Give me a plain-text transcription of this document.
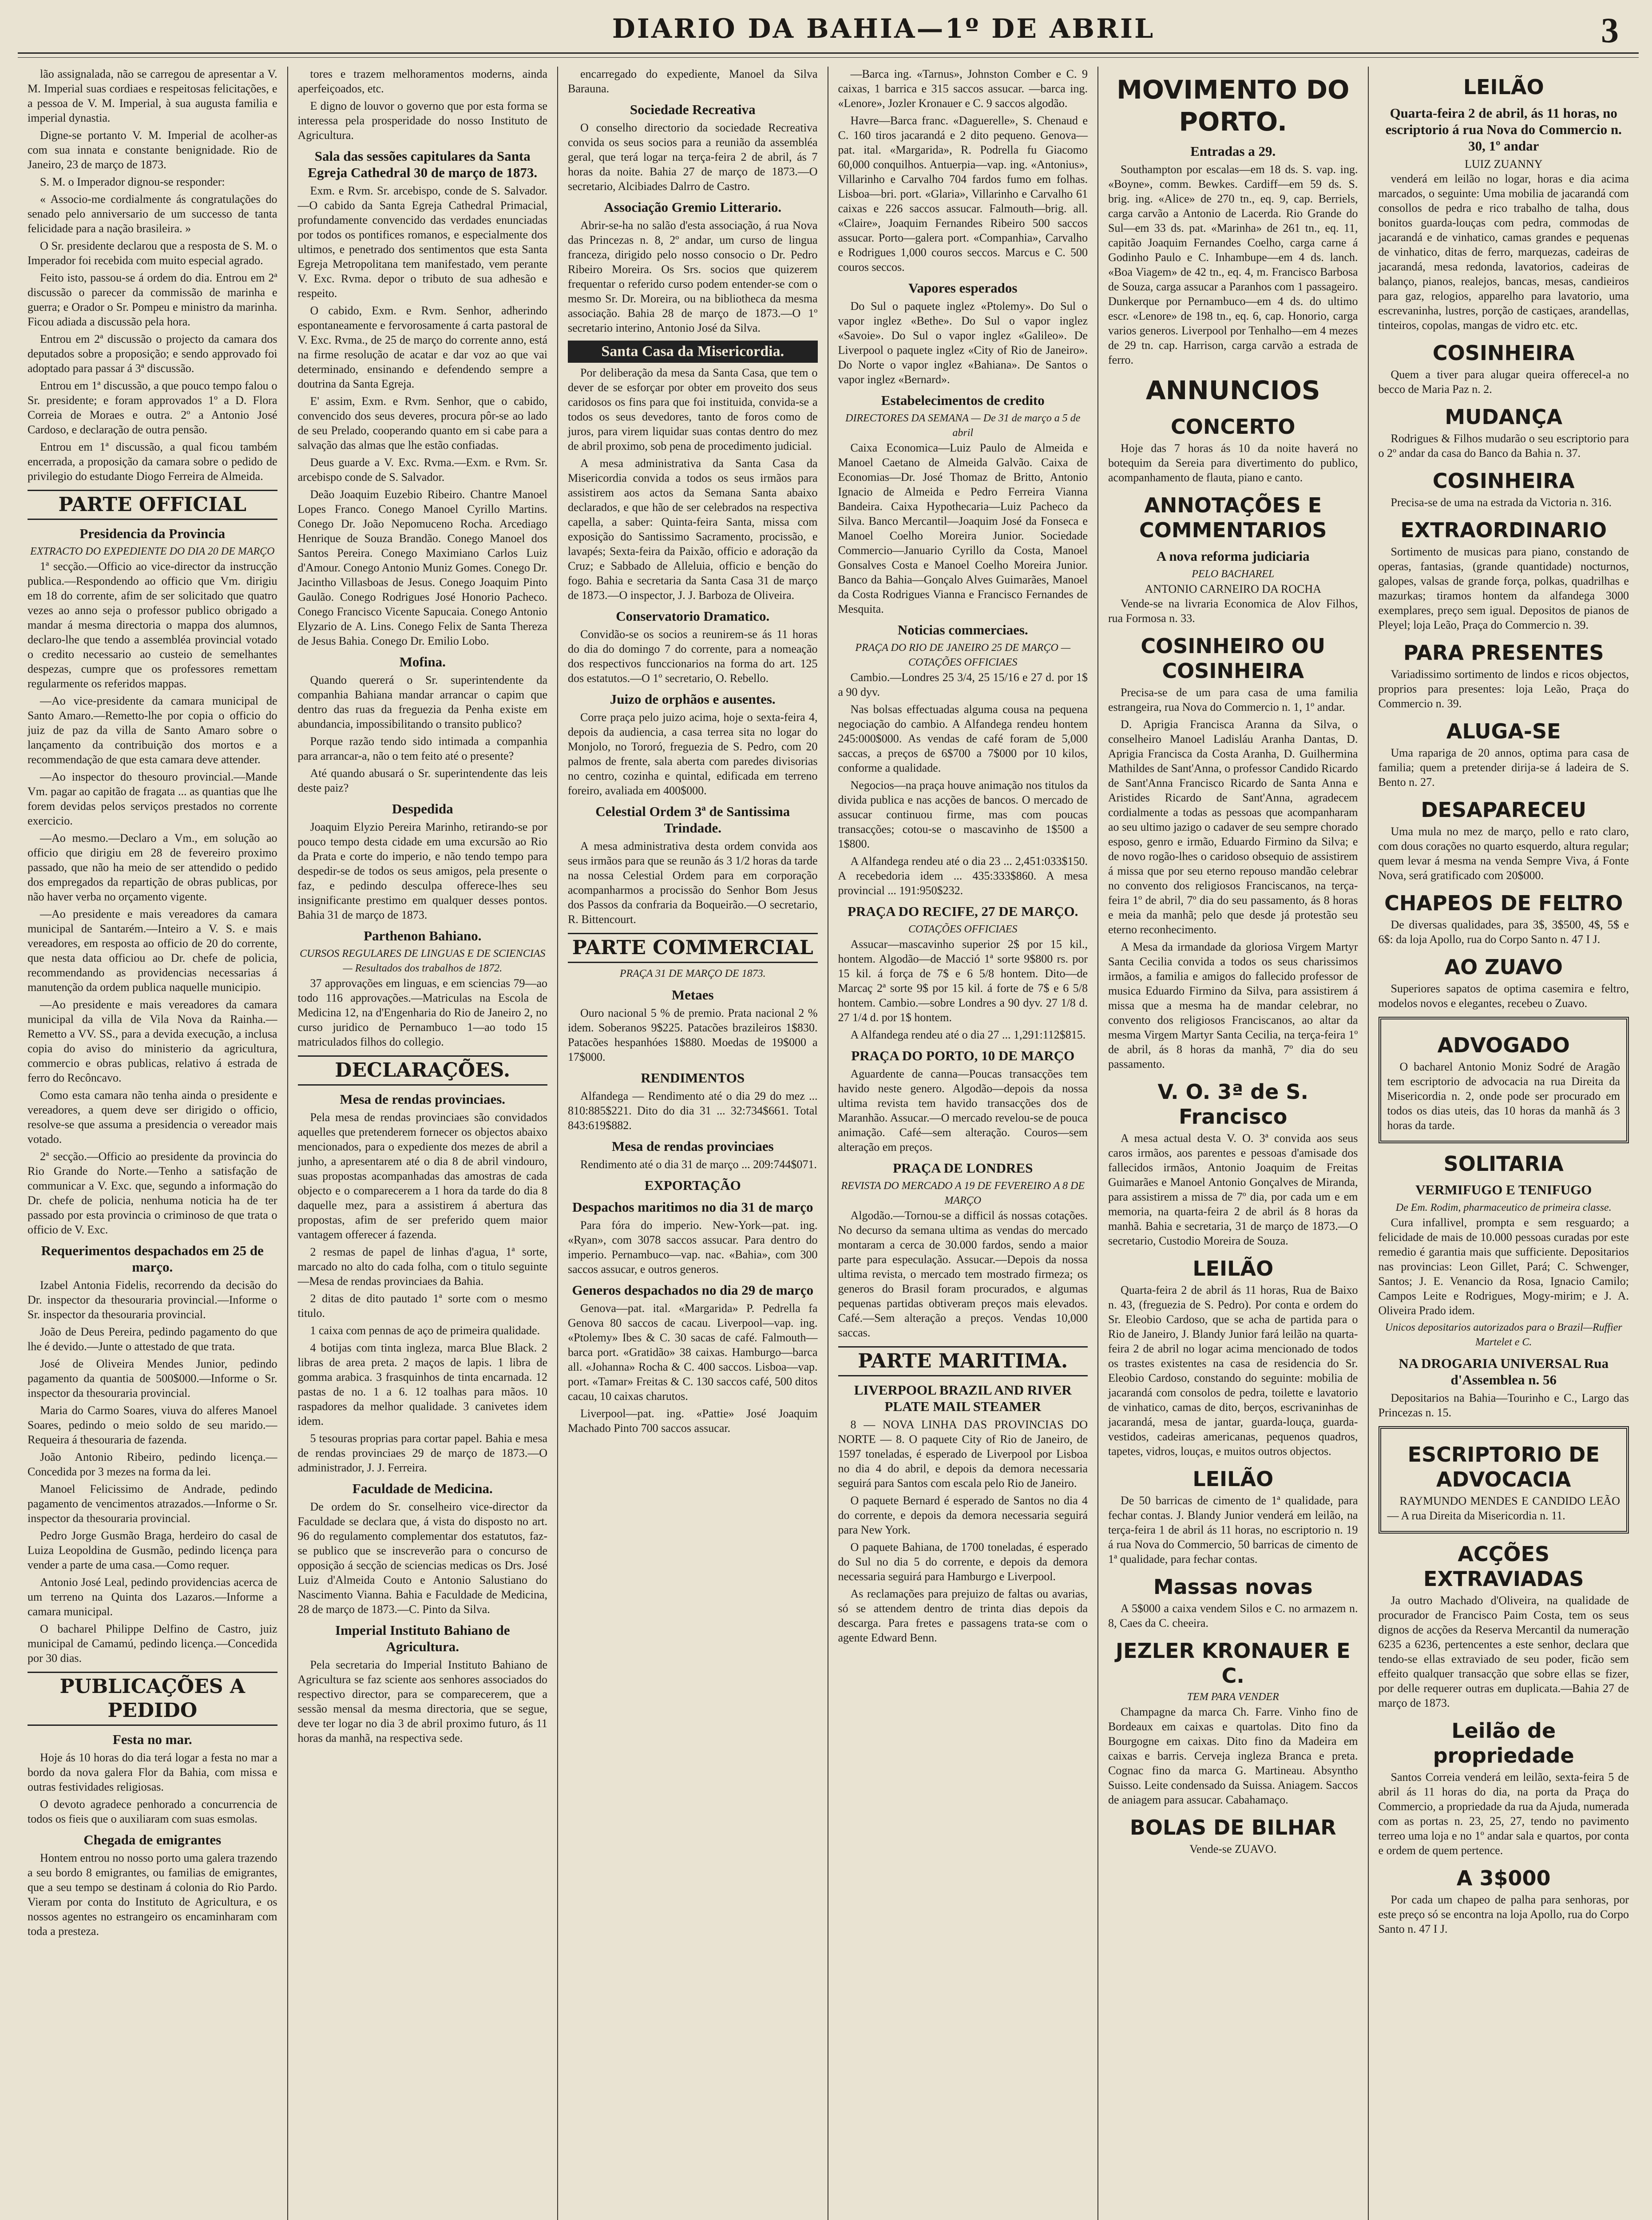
DIARIO DA BAHIA—1º DE ABRIL	3
lão assignalada, não se carregou de apresentar a V. M. Imperial suas cordiaes e respeitosas felicitações, e a pessoa de V. M. Imperial, à sua augusta familia e imperial dynastia.
Digne-se portanto V. M. Imperial de acolher-as com sua innata e constante benignidade. Rio de Janeiro, 23 de março de 1873.
S. M. o Imperador dignou-se responder:
« Associo-me cordialmente ás congratulações do senado pelo anniversario de um successo de tanta felicidade para a nação brasileira. »
O Sr. presidente declarou que a resposta de S. M. o Imperador foi recebida com muito especial agrado.
Feito isto, passou-se á ordem do dia. Entrou em 2ª discussão o parecer da commissão de marinha e guerra; e Orador o Sr. Pompeu e ministro da marinha. Ficou adiada a discussão pela hora.
Entrou em 2ª discussão o projecto da camara dos deputados sobre a proposição; e sendo approvado foi adoptado para passar á 3ª discussão.
Entrou em 1ª discussão, a que pouco tempo falou o Sr. presidente; e foram approvados 1º a D. Flora Correia de Moraes e outra. 2º a Antonio José Cardoso, e declaração de outra pensão.
Entrou em 1ª discussão, a qual ficou também encerrada, a proposição da camara sobre o pedido de privilegio do estudante Diogo Ferreira de Almeida.
PARTE OFFICIAL
Presidencia da Provincia
EXTRACTO DO EXPEDIENTE DO DIA 20 DE MARÇO
1ª secção.—Officio ao vice-director da instrucção publica.—Respondendo ao officio que Vm. dirigiu em 18 do corrente, afim de ser solicitado que quatro vezes ao anno seja o professor publico obrigado a mandar á mesma directoria o mappa dos alumnos, declaro-lhe que tendo a assembléa provincial votado o credito necessario ao custeio de semelhantes despezas, cumpre que os professores remettam regularmente os referidos mappas.
—Ao vice-presidente da camara municipal de Santo Amaro.—Remetto-lhe por copia o officio do juiz de paz da villa de Santo Amaro sobre o lançamento da contribuição dos mortos e a recommendação de que esta camara deve attender.
—Ao inspector do thesouro provincial.—Mande Vm. pagar ao capitão de fragata ... as quantias que lhe forem devidas pelos serviços prestados no corrente exercicio.
—Ao mesmo.—Declaro a Vm., em solução ao officio que dirigiu em 28 de fevereiro proximo passado, que não ha meio de ser attendido o pedido dos empregados da repartição de obras publicas, por não haver verba no orçamento vigente.
—Ao presidente e mais vereadores da camara municipal de Santarém.—Inteiro a V. S. e mais vereadores, em resposta ao officio de 20 do corrente, que nesta data officiou ao Dr. chefe de policia, recommendando as providencias necessarias á manutenção da ordem publica naquelle municipio.
—Ao presidente e mais vereadores da camara municipal da villa de Vila Nova da Rainha.—Remetto a VV. SS., para a devida execução, a inclusa copia do aviso do ministerio da agricultura, commercio e obras publicas, relativo á estrada de ferro do Recôncavo.
Como esta camara não tenha ainda o presidente e vereadores, a quem deve ser dirigido o officio, resolve-se que assuma a presidencia o vereador mais votado.
2ª secção.—Officio ao presidente da provincia do Rio Grande do Norte.—Tenho a satisfação de communicar a V. Exc. que, segundo a informação do Dr. chefe de policia, nenhuma noticia ha de ter passado por esta provincia o criminoso de que trata o officio de V. Exc.
Requerimentos despachados em 25 de março.
Izabel Antonia Fidelis, recorrendo da decisão do Dr. inspector da thesouraria provincial.—Informe o Sr. inspector da thesouraria provincial.
João de Deus Pereira, pedindo pagamento do que lhe é devido.—Junte o attestado de que trata.
José de Oliveira Mendes Junior, pedindo pagamento da quantia de 500$000.—Informe o Sr. inspector da thesouraria provincial.
Maria do Carmo Soares, viuva do alferes Manoel Soares, pedindo o meio soldo de seu marido.—Requeira á thesouraria de fazenda.
João Antonio Ribeiro, pedindo licença.—Concedida por 3 mezes na forma da lei.
Manoel Felicissimo de Andrade, pedindo pagamento de vencimentos atrazados.—Informe o Sr. inspector da thesouraria provincial.
Pedro Jorge Gusmão Braga, herdeiro do casal de Luiza Leopoldina de Gusmão, pedindo licença para vender a parte de uma casa.—Como requer.
Antonio José Leal, pedindo providencias acerca de um terreno na Quinta dos Lazaros.—Informe a camara municipal.
O bacharel Philippe Delfino de Castro, juiz municipal de Camamú, pedindo licença.—Concedida por 30 dias.
PUBLICAÇÕES A PEDIDO
Festa no mar.
Hoje ás 10 horas do dia terá logar a festa no mar a bordo da nova galera Flor da Bahia, com missa e outras festividades religiosas.
O devoto agradece penhorado a concurrencia de todos os fieis que o auxiliaram com suas esmolas.
Chegada de emigrantes
Hontem entrou no nosso porto uma galera trazendo a seu bordo 8 emigrantes, ou familias de emigrantes, que a seu tempo se destinam á colonia do Rio Pardo. Vieram por conta do Instituto de Agricultura, e os nossos agentes no estrangeiro os encaminharam com toda a presteza.
tores e trazem melhoramentos moderns, ainda aperfeiçoados, etc.
E digno de louvor o governo que por esta forma se interessa pela prosperidade do nosso Instituto de Agricultura.
Sala das sessões capitulares da Santa Egreja Cathedral 30 de março de 1873.
Exm. e Rvm. Sr. arcebispo, conde de S. Salvador.—O cabido da Santa Egreja Cathedral Primacial, profundamente convencido das verdades enunciadas por todos os pontifices romanos, e especialmente dos ultimos, e penetrado dos sentimentos que esta Santa Egreja Metropolitana tem manifestado, vem perante V. Exc. Rvma. depor o tributo de sua adhesão e respeito.
O cabido, Exm. e Rvm. Senhor, adherindo espontaneamente e fervorosamente á carta pastoral de V. Exc. Rvma., de 25 de março do corrente anno, está na firme resolução de acatar e dar voz ao que vai determinado, ensinando e defendendo sempre a doutrina da Santa Egreja.
E' assim, Exm. e Rvm. Senhor, que o cabido, convencido dos seus deveres, procura pôr-se ao lado de seu Prelado, cooperando quanto em si cabe para a salvação das almas que lhe estão confiadas.
Deus guarde a V. Exc. Rvma.—Exm. e Rvm. Sr. arcebispo conde de S. Salvador.
Deão Joaquim Euzebio Ribeiro. Chantre Manoel Lopes Franco. Conego Manoel Cyrillo Martins. Conego Dr. João Nepomuceno Rocha. Arcediago Henrique de Souza Brandão. Conego Manoel dos Santos Pereira. Conego Maximiano Carlos Luiz d'Amour. Conego Antonio Muniz Gomes. Conego Dr. Jacintho Villasboas de Jesus. Conego Joaquim Pinto Gaulão. Conego Rodrigues José Honorio Pacheco. Conego Francisco Vicente Sapucaia. Conego Antonio Elyzario de A. Lins. Conego Felix de Santa Thereza de Jesus Bahia. Conego Dr. Emilio Lobo.
Mofina.
Quando quererá o Sr. superintendente da companhia Bahiana mandar arrancar o capim que dentro das ruas da freguezia da Penha existe em abundancia, impossibilitando o transito publico?
Porque razão tendo sido intimada a companhia para arrancar-a, não o tem feito até o presente?
Até quando abusará o Sr. superintendente das leis deste paiz?
Despedida
Joaquim Elyzio Pereira Marinho, retirando-se por pouco tempo desta cidade em uma excursão ao Rio da Prata e corte do imperio, e não tendo tempo para despedir-se de todos os seus amigos, pela presente o faz, e pedindo desculpa offerece-lhes seu insignificante prestimo em qualquer desses pontos. Bahia 31 de março de 1873.
Parthenon Bahiano.
CURSOS REGULARES DE LINGUAS E DE SCIENCIAS — Resultados dos trabalhos de 1872.
37 approvações em linguas, e em sciencias 79—ao todo 116 approvações.—Matriculas na Escola de Medicina 12, na d'Engenharia do Rio de Janeiro 2, no curso juridico de Pernambuco 1—ao todo 15 matriculados filhos do collegio.
DECLARAÇÕES.
Mesa de rendas provinciaes.
Pela mesa de rendas provinciaes são convidados aquelles que pretenderem fornecer os objectos abaixo mencionados, para o expediente dos mezes de abril a junho, a apresentarem até o dia 8 de abril vindouro, suas propostas acompanhadas das amostras de cada objecto e o comparecerem a 1 hora da tarde do dia 8 daquelle mez, para a assistirem á abertura das propostas, afim de ser preferido quem maior vantagem offerecer á fazenda.
2 resmas de papel de linhas d'agua, 1ª sorte, marcado no alto do cada folha, com o titulo seguinte—Mesa de rendas provinciaes da Bahia.
2 ditas de dito pautado 1ª sorte com o mesmo titulo.
1 caixa com pennas de aço de primeira qualidade.
4 botijas com tinta ingleza, marca Blue Black. 2 libras de area preta. 2 maços de lapis. 1 libra de gomma arabica. 3 frasquinhos de tinta encarnada. 12 pastas de no. 1 a 6. 12 toalhas para mãos. 10 raspadores da melhor qualidade. 3 canivetes idem idem.
5 tesouras proprias para cortar papel. Bahia e mesa de rendas provinciaes 29 de março de 1873.—O administrador, J. J. Ferreira.
Faculdade de Medicina.
De ordem do Sr. conselheiro vice-director da Faculdade se declara que, á vista do disposto no art. 96 do regulamento complementar dos estatutos, faz-se publico que se inscreverão para o concurso de opposição á secção de sciencias medicas os Drs. José Luiz d'Almeida Couto e Antonio Salustiano do Nascimento Vianna. Bahia e Faculdade de Medicina, 28 de março de 1873.—C. Pinto da Silva.
Imperial Instituto Bahiano de Agricultura.
Pela secretaria do Imperial Instituto Bahiano de Agricultura se faz sciente aos senhores associados do respectivo director, para se comparecerem, que a sessão mensal da mesma directoria, que se segue, deve ter logar no dia 3 de abril proximo futuro, ás 11 horas da manhã, na respectiva sede.
encarregado do expediente, Manoel da Silva Barauna.
Sociedade Recreativa
O conselho directorio da sociedade Recreativa convida os seus socios para a reunião da assembléa geral, que terá logar na terça-feira 2 de abril, ás 7 horas da noite. Bahia 27 de março de 1873.—O secretario, Alcibiades Dalrro de Castro.
Associação Gremio Litterario.
Abrir-se-ha no salão d'esta associação, á rua Nova das Princezas n. 8, 2º andar, um curso de lingua franceza, dirigido pelo nosso consocio o Dr. Pedro Ribeiro Moreira. Os Srs. socios que quizerem frequentar o referido curso podem entender-se com o mesmo Sr. Dr. Moreira, ou na bibliotheca da mesma associação. Bahia 28 de março de 1873.—O 1º secretario interino, Antonio José da Silva.
Santa Casa da Misericordia.
Por deliberação da mesa da Santa Casa, que tem o dever de se esforçar por obter em proveito dos seus caridosos os fins para que foi instituida, convida-se a todos os seus devedores, tanto de foros como de juros, para virem liquidar suas contas dentro do mez de abril proximo, sob pena de procedimento judicial.
A mesa administrativa da Santa Casa da Misericordia convida a todos os seus irmãos para assistirem aos actos da Semana Santa abaixo declarados, e que hão de ser celebrados na respectiva capella, a saber: Quinta-feira Santa, missa com exposição do Santissimo Sacramento, procissão, e lavapés; Sexta-feira da Paixão, officio e adoração da Cruz; e Sabbado de Alleluia, officio e benção do fogo. Bahia e secretaria da Santa Casa 31 de março de 1873.—O inspector, J. J. Barboza de Oliveira.
Conservatorio Dramatico.
Convidão-se os socios a reunirem-se ás 11 horas do dia do domingo 7 do corrente, para a nomeação dos respectivos funccionarios na forma do art. 125 dos estatutos.—O 1º secretario, O. Rebello.
Juizo de orphãos e ausentes.
Corre praça pelo juizo acima, hoje o sexta-feira 4, depois da audiencia, a casa terrea sita no logar do Monjolo, no Tororó, freguezia de S. Pedro, com 20 palmos de frente, sala aberta com paredes divisorias no centro, cozinha e quintal, edificada em terreno foreiro, avaliada em 400$000.
Celestial Ordem 3ª de Santissima Trindade.
A mesa administrativa desta ordem convida aos seus irmãos para que se reunão ás 3 1/2 horas da tarde na nossa Celestial Ordem para em corporação acompanharmos a procissão do Senhor Bom Jesus dos Passos da confraria da Boqueirão.—O secretario, R. Bittencourt.
PARTE COMMERCIAL
PRAÇA 31 DE MARÇO DE 1873.
Metaes
Ouro nacional 5 % de premio. Prata nacional 2 % idem. Soberanos 9$225. Patacões brazileiros 1$830. Patacões hespanhóes 1$880. Moedas de 19$000 a 17$000.
RENDIMENTOS
Alfandega — Rendimento até o dia 29 do mez ... 810:885$221. Dito do dia 31 ... 32:734$661. Total 843:619$882.
Mesa de rendas provinciaes
Rendimento até o dia 31 de março ... 209:744$071.
EXPORTAÇÃO
Despachos maritimos no dia 31 de março
Para fóra do imperio. New-York—pat. ing. «Ryan», com 3078 saccos assucar. Para dentro do imperio. Pernambuco—vap. nac. «Bahia», com 300 saccos assucar, e outros generos.
Generos despachados no dia 29 de março
Genova—pat. ital. «Margarida» P. Pedrella fa Genova 80 saccos de cacau. Liverpool—vap. ing. «Ptolemy» Ibes & C. 30 sacas de café. Falmouth—barca port. «Gratidão» 38 caixas. Hamburgo—barca all. «Johanna» Rocha & C. 400 saccos. Lisboa—vap. port. «Tamar» Freitas & C. 130 saccos café, 500 ditos cacau, 10 caixas charutos.
Liverpool—pat. ing. «Pattie» José Joaquim Machado Pinto 700 saccos assucar.
—Barca ing. «Tarnus», Johnston Comber e C. 9 caixas, 1 barrica e 315 saccos assucar. —barca ing. «Lenore», Jozler Kronauer e C. 9 saccos algodão.
Havre—Barca franc. «Daguerelle», S. Chenaud e C. 160 tiros jacarandá e 2 dito pequeno. Genova—pat. ital. «Margarida», R. Podrella fu Giacomo 60,000 conquilhos. Antuerpia—vap. ing. «Antonius», Villarinho e Carvalho 704 fardos fumo em folhas. Lisboa—bri. port. «Glaria», Villarinho e Carvalho 61 caixas e 226 saccos assucar. Falmouth—brig. all. «Claire», Joaquim Fernandes Ribeiro 500 saccos assucar. Porto—galera port. «Companhia», Carvalho e Rodrigues 1,000 couros seccos. Marcus e C. 500 couros seccos.
Vapores esperados
Do Sul o paquete inglez «Ptolemy». Do Sul o vapor inglez «Bethe». Do Sul o vapor inglez «Savoie». Do Sul o vapor inglez «Galileo». De Liverpool o paquete inglez «City of Rio de Janeiro». Do Norte o vapor inglez «Bahiana». De Santos o vapor inglez «Bernard».
Estabelecimentos de credito
DIRECTORES DA SEMANA — De 31 de março a 5 de abril
Caixa Economica—Luiz Paulo de Almeida e Manoel Caetano de Almeida Galvão. Caixa de Economias—Dr. José Thomaz de Britto, Antonio Ignacio de Almeida e Pedro Ferreira Vianna Bandeira. Caixa Hypothecaria—Luiz Pacheco da Silva. Banco Mercantil—Joaquim José da Fonseca e Manoel Coelho Moreira Junior. Sociedade Commercio—Januario Cyrillo da Costa, Manoel Gonsalves Costa e Manoel Coelho Moreira Junior. Banco da Bahia—Gonçalo Alves Guimarães, Manoel da Costa Rodrigues Vianna e Francisco Fernandes de Mesquita.
Noticias commerciaes.
PRAÇA DO RIO DE JANEIRO 25 DE MARÇO — COTAÇÕES OFFICIAES
Cambio.—Londres 25 3/4, 25 15/16 e 27 d. por 1$ a 90 dyv.
Nas bolsas effectuadas alguma cousa na pequena negociação do cambio. A Alfandega rendeu hontem 245:000$000. As vendas de café foram de 5,000 saccas, a preços de 6$700 a 7$000 por 10 kilos, conforme a qualidade.
Negocios—na praça houve animação nos titulos da divida publica e nas acções de bancos. O mercado de assucar continuou firme, mas com poucas transacções; cotou-se o mascavinho de 1$500 a 1$800.
A Alfandega rendeu até o dia 23 ... 2,451:033$150. A recebedoria idem ... 435:333$860. A mesa provincial ... 191:950$232.
PRAÇA DO RECIFE, 27 DE MARÇO.
COTAÇÕES OFFICIAES
Assucar—mascavinho superior 2$ por 15 kil., hontem. Algodão—de Macció 1ª sorte 9$800 rs. por 15 kil. á força de 7$ e 6 5/8 hontem. Dito—de Marcaç 2ª sorte 9$ por 15 kil. á forte de 7$ e 6 5/8 hontem. Cambio.—sobre Londres a 90 dyv. 27 1/8 d. 27 1/4 d. por 1$ hontem.
A Alfandega rendeu até o dia 27 ... 1,291:112$815.
PRAÇA DO PORTO, 10 DE MARÇO
Aguardente de canna—Poucas transacções tem havido neste genero. Algodão—depois da nossa ultima revista tem havido transacções dos de Maranhão. Assucar.—O mercado revelou-se de pouca animação. Café—sem alteração. Couros—sem alteração em preços.
PRAÇA DE LONDRES
REVISTA DO MERCADO A 19 DE FEVEREIRO A 8 DE MARÇO
Algodão.—Tornou-se a difficil ás nossas cotações. No decurso da semana ultima as vendas do mercado montaram a cerca de 30.000 fardos, sendo a maior parte para especulação. Assucar.—Depois da nossa ultima revista, o mercado tem mostrado firmeza; os generos do Brasil foram procurados, e algumas pequenas partidas obtiveram preços mais elevados. Café.—Sem alteração a preços. Vendas 10,000 saccas.
PARTE MARITIMA.
LIVERPOOL BRAZIL AND RIVER PLATE MAIL STEAMER
8 — NOVA LINHA DAS PROVINCIAS DO NORTE — 8. O paquete City of Rio de Janeiro, de 1597 toneladas, é esperado de Liverpool por Lisboa no dia 4 do abril, e depois da demora necessaria seguirá para Santos com escala pelo Rio de Janeiro.
O paquete Bernard é esperado de Santos no dia 4 do corrente, e depois da demora necessaria seguirá para New York.
O paquete Bahiana, de 1700 toneladas, é esperado do Sul no dia 5 do corrente, e depois da demora necessaria seguirá para Hamburgo e Liverpool.
As reclamações para prejuizo de faltas ou avarias, só se attendem dentro de trinta dias depois da descarga. Para fretes e passagens trata-se com o agente Edward Benn.
MOVIMENTO DO PORTO.
Entradas a 29.
Southampton por escalas—em 18 ds. S. vap. ing. «Boyne», comm. Bewkes. Cardiff—em 59 ds. S. brig. ing. «Alice» de 270 tn., eq. 9, cap. Berriels, carga carvão a Antonio de Lacerda. Rio Grande do Sul—em 33 ds. pat. «Marinha» de 261 tn., eq. 11, capitão Joaquim Fernandes Coelho, carga carne á Godinho Paulo e C. Inhambupe—em 4 ds. lanch. «Boa Viagem» de 42 tn., eq. 4, m. Francisco Barbosa de Souza, carga assucar a Paranhos com 1 passageiro. Dunkerque por Pernambuco—em 4 ds. do ultimo escr. «Lenore» de 198 tn., eq. 6, cap. Honorio, carga varios generos. Liverpool por Tenhalho—em 4 mezes de 29 tn. cap. Harrison, carga carvão a estrada de ferro.
ANNUNCIOS
CONCERTO
Hoje das 7 horas ás 10 da noite haverá no botequim da Sereia para divertimento do publico, acompanhamento de flauta, piano e canto.
ANNOTAÇÕES E COMMENTARIOS
A nova reforma judiciaria
PELO BACHAREL
ANTONIO CARNEIRO DA ROCHA
Vende-se na livraria Economica de Alov Filhos, rua Formosa n. 33.
COSINHEIRO OU COSINHEIRA
Precisa-se de um para casa de uma familia estrangeira, rua Nova do Commercio n. 1, 1º andar.
D. Aprigia Francisca Aranna da Silva, o conselheiro Manoel Ladisláu Aranha Dantas, D. Aprigia Francisca da Costa Aranha, D. Guilhermina Mathildes de Sant'Anna, o professor Candido Ricardo de Sant'Anna Francisco Ricardo de Santa Anna e Aristides Ricardo de Sant'Anna, agradecem cordialmente a todas as pessoas que acompanharam ao seu ultimo jazigo o cadaver de seu sempre chorado esposo, genro e irmão, Eduardo Firmino da Silva; e de novo rogão-lhes o caridoso obsequio de assistirem á missa que por seu eterno repouso mandão celebrar no convento dos religiosos Franciscanos, na terça-feira 1º de abril, 7º dia do seu passamento, ás 8 horas e meia da manhã; pelo que desde já protestão seu eterno reconhecimento.
A Mesa da irmandade da gloriosa Virgem Martyr Santa Cecilia convida a todos os seus charissimos irmãos, a familia e amigos do fallecido professor de musica Eduardo Firmino da Silva, para assistirem á missa que a mesma ha de mandar celebrar, no convento dos religiosos Franciscanos, ao altar da mesma Virgem Martyr Santa Cecilia, na terça-feira 1º de abril, ás 8 horas da manhã, 7º dia do seu passamento.
V. O. 3ª de S. Francisco
A mesa actual desta V. O. 3ª convida aos seus caros irmãos, aos parentes e pessoas d'amisade dos fallecidos irmãos, Antonio Joaquim de Freitas Guimarães e Manoel Antonio Gonçalves de Miranda, para assistirem a missa de 7º dia, por cada um e em memoria, na quarta-feira 2 de abril ás 8 horas da manhã. Bahia e secretaria, 31 de março de 1873.—O secretario, Custodio Moreira de Souza.
LEILÃO
Quarta-feira 2 de abril ás 11 horas, Rua de Baixo n. 43, (freguezia de S. Pedro). Por conta e ordem do Sr. Eleobio Cardoso, que se acha de partida para o Rio de Janeiro, J. Blandy Junior fará leilão na quarta-feira 2 de abril no logar acima mencionado de todos os trastes existentes na casa de residencia do Sr. Eleobio Cardoso, constando do seguinte: mobilia de jacarandá com consolos de pedra, toilette e lavatorio de vinhatico, camas de dito, berços, escrivaninhas de jacarandá, mesa de jantar, guarda-louça, guarda-vestidos, cadeiras americanas, pequenos quadros, tapetes, vidros, louças, e muitos outros objectos.
LEILÃO
De 50 barricas de cimento de 1ª qualidade, para fechar contas. J. Blandy Junior venderá em leilão, na terça-feira 1 de abril ás 11 horas, no escriptorio n. 19 á rua Nova do Commercio, 50 barricas de cimento de 1ª qualidade, para fechar contas.
Massas novas
A 5$000 a caixa vendem Silos e C. no armazem n. 8, Caes da C. cheeira.
JEZLER KRONAUER E C.
TEM PARA VENDER
Champagne da marca Ch. Farre. Vinho fino de Bordeaux em caixas e quartolas. Dito fino da Bourgogne em caixas. Dito fino da Madeira em caixas e barris. Cerveja ingleza Branca e preta. Cognac fino da marca G. Martineau. Absyntho Suisso. Leite condensado da Suissa. Aniagem. Saccos de aniagem para assucar. Cabahamaço.
BOLAS DE BILHAR
Vende-se ZUAVO.
LEILÃO
Quarta-feira 2 de abril, ás 11 horas, no escriptorio á rua Nova do Commercio n. 30, 1º andar
LUIZ ZUANNY
venderá em leilão no logar, horas e dia acima marcados, o seguinte: Uma mobilia de jacarandá com consollos de pedra e rico trabalho de talha, dous bonitos guarda-louças com pedra, commodas de jacarandá e de vinhatico, camas grandes e pequenas de vinhatico, ditas de ferro, marquezas, cadeiras de jacarandá, mesa redonda, lavatorios, cadeiras de balanço, pianos, realejos, bancas, mesas, candieiros para gaz, relogios, apparelho para lavatorio, uma escrevaninha, lustres, porção de castiçaes, arandellas, tinteiros, copolas, mangas de vidro etc. etc.
COSINHEIRA
Quem a tiver para alugar queira offerecel-a no becco de Maria Paz n. 2.
MUDANÇA
Rodrigues & Filhos mudarão o seu escriptorio para o 2º andar da casa do Banco da Bahia n. 37.
COSINHEIRA
Precisa-se de uma na estrada da Victoria n. 316.
EXTRAORDINARIO
Sortimento de musicas para piano, constando de operas, fantasias, (grande quantidade) nocturnos, galopes, valsas de grande força, polkas, quadrilhas e mazurkas; tiramos hontem da alfandega 3000 exemplares, preço sem igual. Depositos de pianos de Pleyel; loja Leão, Praça do Commercio n. 39.
PARA PRESENTES
Variadissimo sortimento de lindos e ricos objectos, proprios para presentes: loja Leão, Praça do Commercio n. 39.
ALUGA-SE
Uma rapariga de 20 annos, optima para casa de familia; quem a pretender dirija-se á ladeira de S. Bento n. 27.
DESAPARECEU
Uma mula no mez de março, pello e rato claro, com dous corações no quarto esquerdo, altura regular; quem levar á mesma na venda Sempre Viva, á Fonte Nova, será gratificado com 20$000.
CHAPEOS DE FELTRO
De diversas qualidades, para 3$, 3$500, 4$, 5$ e 6$: da loja Apollo, rua do Corpo Santo n. 47 I J.
AO ZUAVO
Superiores sapatos de optima casemira e feltro, modelos novos e elegantes, recebeu o Zuavo.
ADVOGADO
O bacharel Antonio Moniz Sodré de Aragão tem escriptorio de advocacia na rua Direita da Misericordia n. 2, onde pode ser procurado em todos os dias uteis, das 10 horas da manhã ás 3 horas da tarde.
SOLITARIA
VERMIFUGO E TENIFUGO
De Em. Rodim, pharmaceutico de primeira classe.
Cura infallivel, prompta e sem resguardo; a felicidade de mais de 10.000 pessoas curadas por este remedio é garantia mais que sufficiente. Depositarios nas provincias: Leon Gillet, Pará; C. Schwenger, Santos; J. E. Venancio da Rosa, Ignacio Camilo; Campos Leite e Rodrigues, Mogy-mirim; e J. A. Oliveira Prado idem.
Unicos depositarios autorizados para o Brazil—Ruffier Martelet e C.
NA DROGARIA UNIVERSAL Rua d'Assemblea n. 56
Depositarios na Bahia—Tourinho e C., Largo das Princezas n. 15.
ESCRIPTORIO DE ADVOCACIA
RAYMUNDO MENDES E CANDIDO LEÃO — A rua Direita da Misericordia n. 11.
ACÇÕES EXTRAVIADAS
Ja outro Machado d'Oliveira, na qualidade de procurador de Francisco Paim Costa, tem os seus dignos de acções da Reserva Mercantil da numeração 6235 a 6236, pertencentes a este senhor, declara que tendo-se ellas extraviado de seu poder, ficão sem effeito qualquer transacção que sobre ellas se fizer, por delle requerer outras em duplicata.—Bahia 27 de março de 1873.
Leilão de propriedade
Santos Correia venderá em leilão, sexta-feira 5 de abril ás 11 horas do dia, na porta da Praça do Commercio, a propriedade da rua da Ajuda, numerada com as portas n. 23, 25, 27, tendo no pavimento terreo uma loja e no 1º andar sala e quartos, por conta e ordem de quem pertence.
A 3$000
Por cada um chapeo de palha para senhoras, por este preço só se encontra na loja Apollo, rua do Corpo Santo n. 47 I J.
